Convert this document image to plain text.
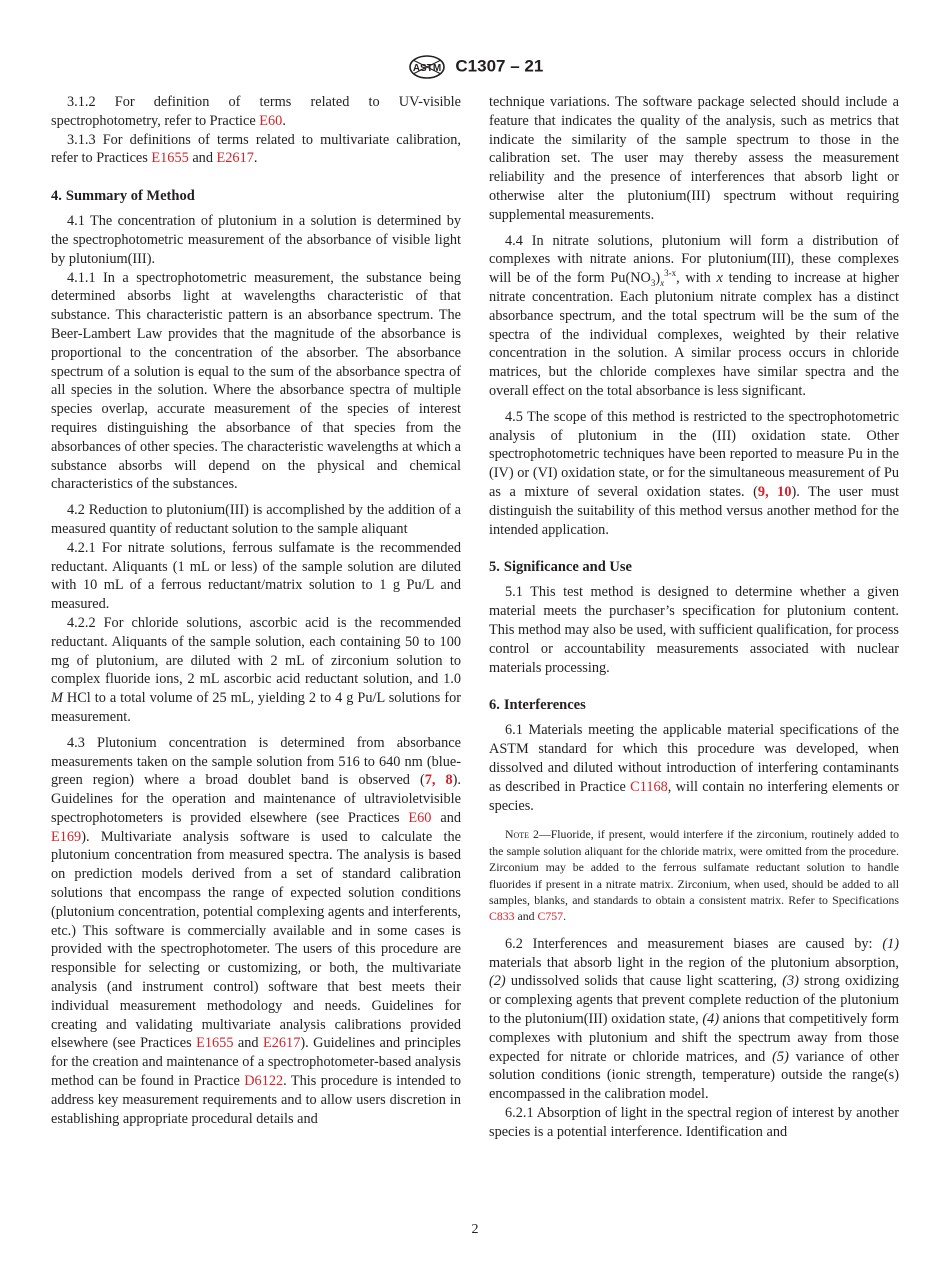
ASTM C1307 – 21

3.1.2 For definition of terms related to UV-visible spectrophotometry, refer to Practice E60.

3.1.3 For definitions of terms related to multivariate calibration, refer to Practices E1655 and E2617.

4. Summary of Method

4.1 The concentration of plutonium in a solution is determined by the spectrophotometric measurement of the absorbance of visible light by plutonium(III).

4.1.1 In a spectrophotometric measurement, the substance being determined absorbs light at wavelengths characteristic of that substance. This characteristic pattern is an absorbance spectrum. The Beer-Lambert Law provides that the magnitude of the absorbance is proportional to the concentration of the absorber. The absorbance spectrum of a solution is equal to the sum of the absorbance spectra of all species in the solution. Where the absorbance spectra of multiple species overlap, accurate measurement of the species of interest requires distinguishing the absorbance of that species from the absorbances of other species. The characteristic wavelengths at which a substance absorbs will depend on the physical and chemical characteristics of the substances.

4.2 Reduction to plutonium(III) is accomplished by the addition of a measured quantity of reductant solution to the sample aliquant

4.2.1 For nitrate solutions, ferrous sulfamate is the recommended reductant. Aliquants (1 mL or less) of the sample solution are diluted with 10 mL of a ferrous reductant/matrix solution to 1 g Pu/L and measured.

4.2.2 For chloride solutions, ascorbic acid is the recommended reductant. Aliquants of the sample solution, each containing 50 to 100 mg of plutonium, are diluted with 2 mL of zirconium solution to complex fluoride ions, 2 mL ascorbic acid reductant solution, and 1.0 M HCl to a total volume of 25 mL, yielding 2 to 4 g Pu/L solutions for measurement.

4.3 Plutonium concentration is determined from absorbance measurements taken on the sample solution from 516 to 640 nm (blue-green region) where a broad doublet band is observed (7, 8). Guidelines for the operation and maintenance of ultravioletvisible spectrophotometers is provided elsewhere (see Practices E60 and E169). Multivariate analysis software is used to calculate the plutonium concentration from measured spectra. The analysis is based on prediction models derived from a set of standard calibration solutions that encompass the range of expected solution conditions (plutonium concentration, potential complexing agents and interferents, etc.) This software is commercially available and in some cases is provided with the spectrophotometer. The users of this procedure are responsible for selecting or customizing, or both, the multivariate analysis (and instrument control) software that best meets their individual measurement methodology and needs. Guidelines for creating and validating multivariate analysis calibrations provided elsewhere (see Practices E1655 and E2617). Guidelines and principles for the creation and maintenance of a spectrophotometer-based analysis method can be found in Practice D6122. This procedure is intended to address key measurement requirements and to allow users discretion in establishing appropriate procedural details and

technique variations. The software package selected should include a feature that indicates the quality of the analysis, such as metrics that indicate the similarity of the sample spectrum to those in the calibration set. The user may thereby assess the measurement reliability and the presence of interferences that absorb light or otherwise alter the plutonium(III) spectrum without requiring supplemental measurements.

4.4 In nitrate solutions, plutonium will form a distribution of complexes with nitrate anions. For plutonium(III), these complexes will be of the form $Pu(NO_3)_x^{3-x}$, with x tending to increase at higher nitrate concentration. Each plutonium nitrate complex has a distinct absorbance spectrum, and the total spectrum will be the sum of the spectra of the individual complexes, weighted by their relative concentration in the solution. A similar process occurs in chloride matrices, but the chloride complexes have similar spectra and the overall effect on the total absorbance is less significant.

4.5 The scope of this method is restricted to the spectrophotometric analysis of plutonium in the (III) oxidation state. Other spectrophotometric techniques have been reported to measure Pu in the (IV) or (VI) oxidation state, or for the simultaneous measurement of Pu as a mixture of several oxidation states. (9, 10). The user must distinguish the suitability of this method versus another method for the intended application.

5. Significance and Use

5.1 This test method is designed to determine whether a given material meets the purchaser’s specification for plutonium content. This method may also be used, with sufficient qualification, for process control or accountability measurements associated with nuclear materials processing.

6. Interferences

6.1 Materials meeting the applicable material specifications of the ASTM standard for which this procedure was developed, when dissolved and diluted without introduction of interfering contaminants as described in Practice C1168, will contain no interfering elements or species.

Note 2—Fluoride, if present, would interfere if the zirconium, routinely added to the sample solution aliquant for the chloride matrix, were omitted from the procedure. Zirconium may be added to the ferrous sulfamate reductant solution to handle fluorides if present in a nitrate matrix. Zirconium, when used, should be added to all samples, blanks, and standards to obtain a consistent matrix. Refer to Specifications C833 and C757.

6.2 Interferences and measurement biases are caused by: (1) materials that absorb light in the region of the plutonium absorption, (2) undissolved solids that cause light scattering, (3) strong oxidizing or complexing agents that prevent complete reduction of the plutonium to the plutonium(III) oxidation state, (4) anions that competitively form complexes with plutonium and shift the spectrum away from those expected for nitrate or chloride matrices, and (5) variance of other solution conditions (ionic strength, temperature) outside the range(s) encompassed in the calibration model.

6.2.1 Absorption of light in the spectral region of interest by another species is a potential interference. Identification and

2
